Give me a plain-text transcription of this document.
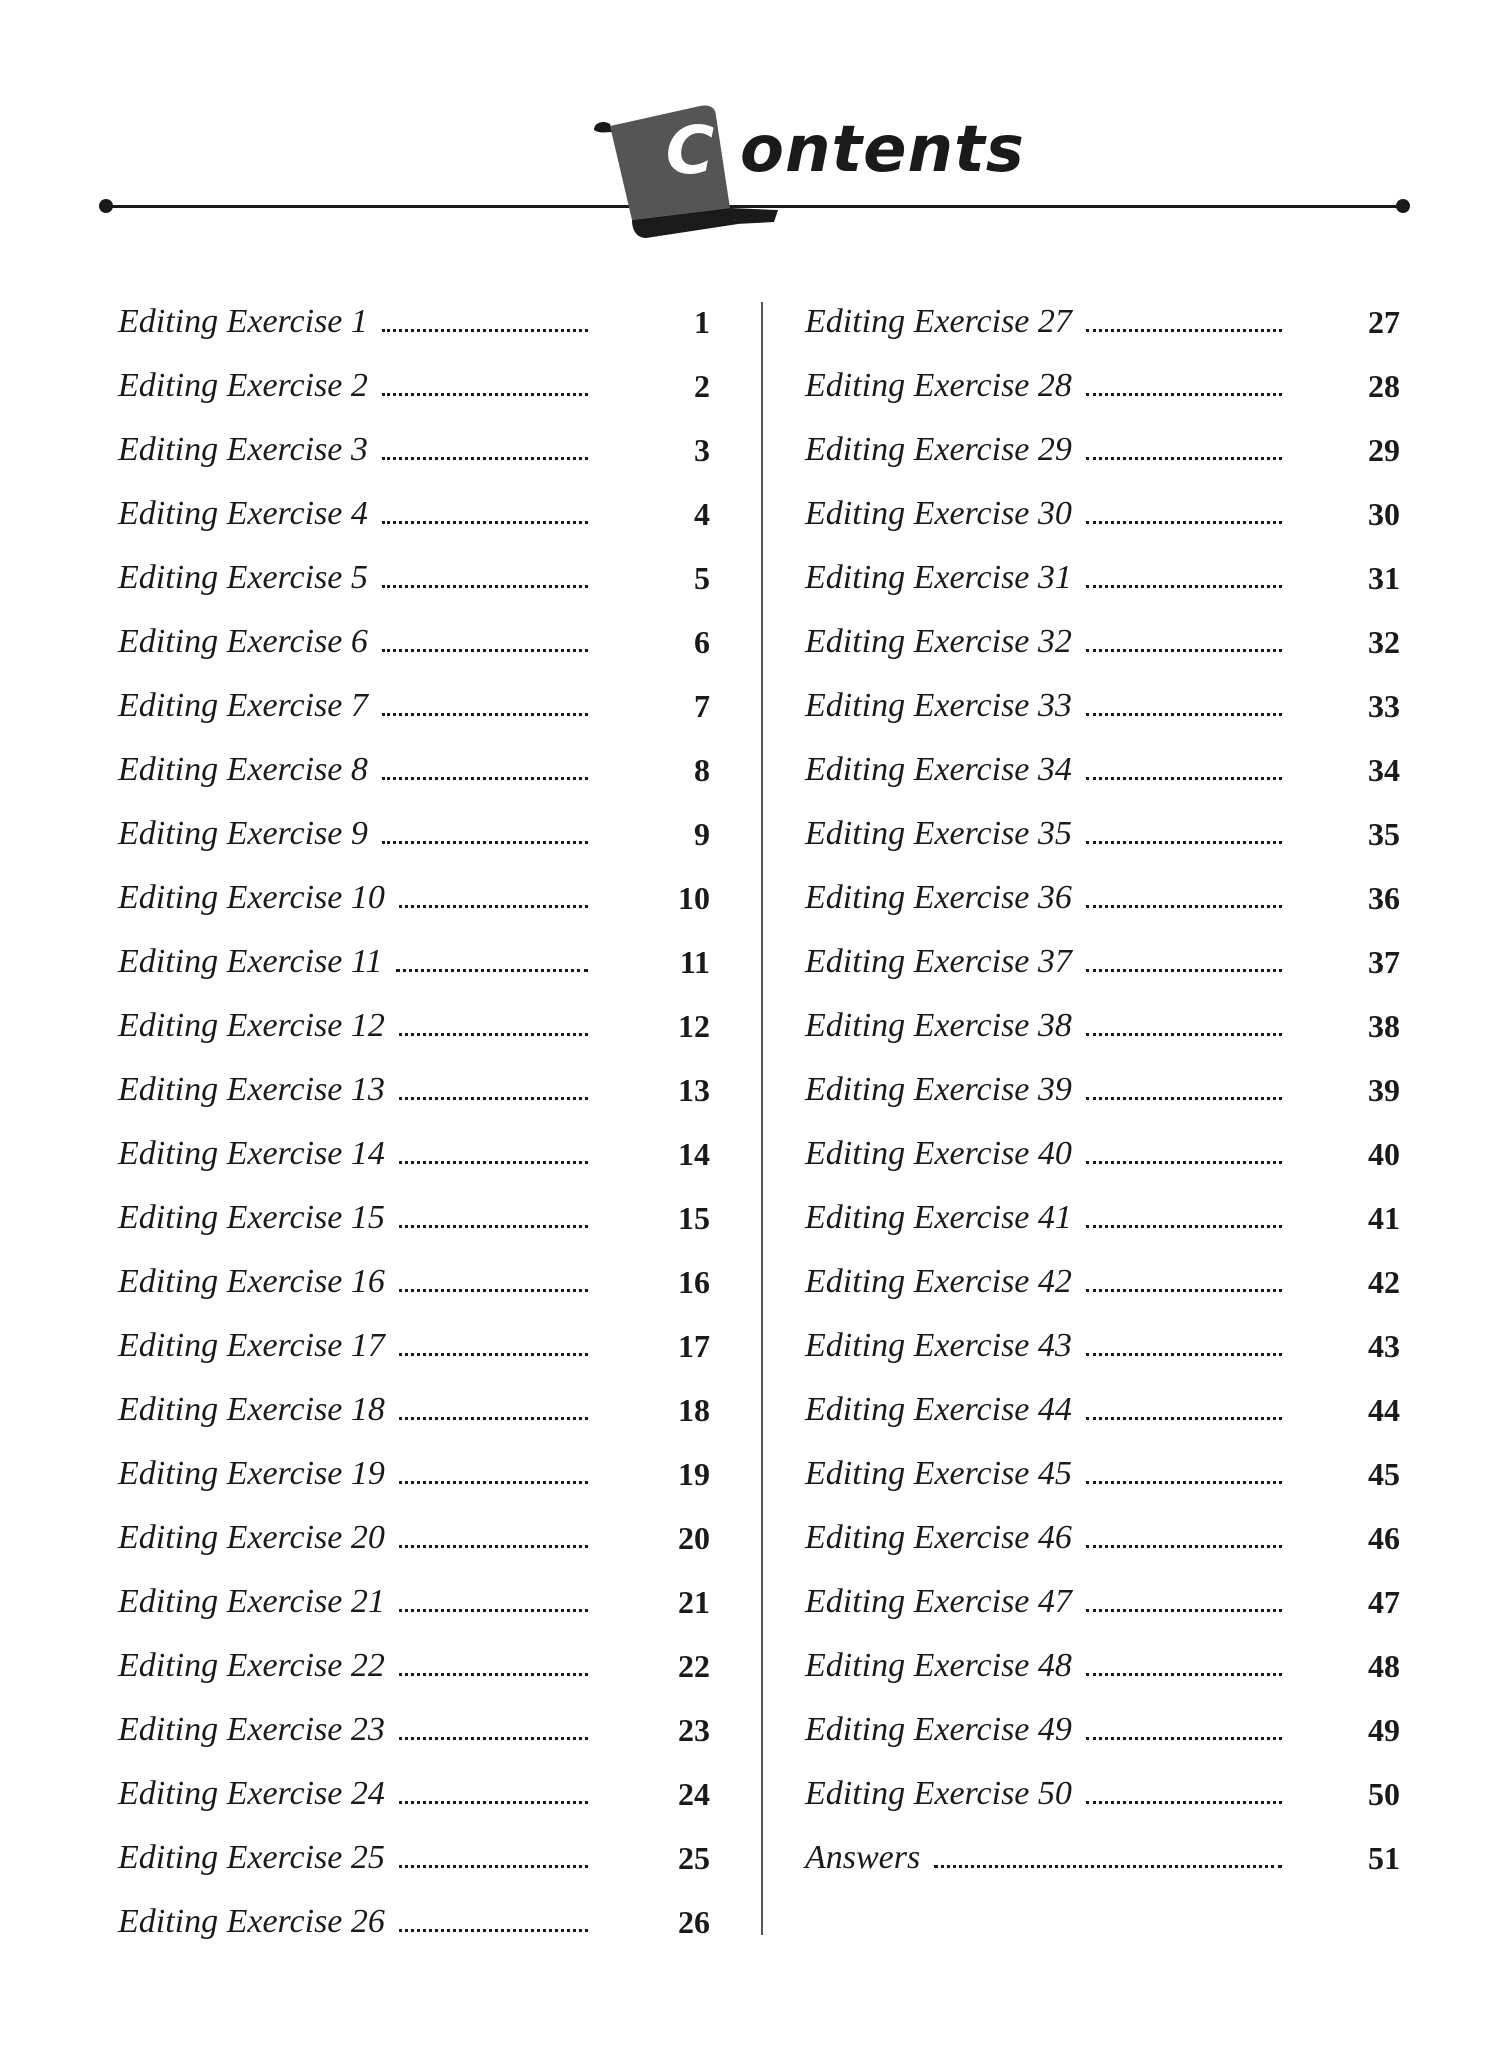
C ontents
Editing Exercise 1	1
Editing Exercise 2	2
Editing Exercise 3	3
Editing Exercise 4	4
Editing Exercise 5	5
Editing Exercise 6	6
Editing Exercise 7	7
Editing Exercise 8	8
Editing Exercise 9	9
Editing Exercise 10	10
Editing Exercise 11	11
Editing Exercise 12	12
Editing Exercise 13	13
Editing Exercise 14	14
Editing Exercise 15	15
Editing Exercise 16	16
Editing Exercise 17	17
Editing Exercise 18	18
Editing Exercise 19	19
Editing Exercise 20	20
Editing Exercise 21	21
Editing Exercise 22	22
Editing Exercise 23	23
Editing Exercise 24	24
Editing Exercise 25	25
Editing Exercise 26	26
Editing Exercise 27	27
Editing Exercise 28	28
Editing Exercise 29	29
Editing Exercise 30	30
Editing Exercise 31	31
Editing Exercise 32	32
Editing Exercise 33	33
Editing Exercise 34	34
Editing Exercise 35	35
Editing Exercise 36	36
Editing Exercise 37	37
Editing Exercise 38	38
Editing Exercise 39	39
Editing Exercise 40	40
Editing Exercise 41	41
Editing Exercise 42	42
Editing Exercise 43	43
Editing Exercise 44	44
Editing Exercise 45	45
Editing Exercise 46	46
Editing Exercise 47	47
Editing Exercise 48	48
Editing Exercise 49	49
Editing Exercise 50	50
Answers	51
